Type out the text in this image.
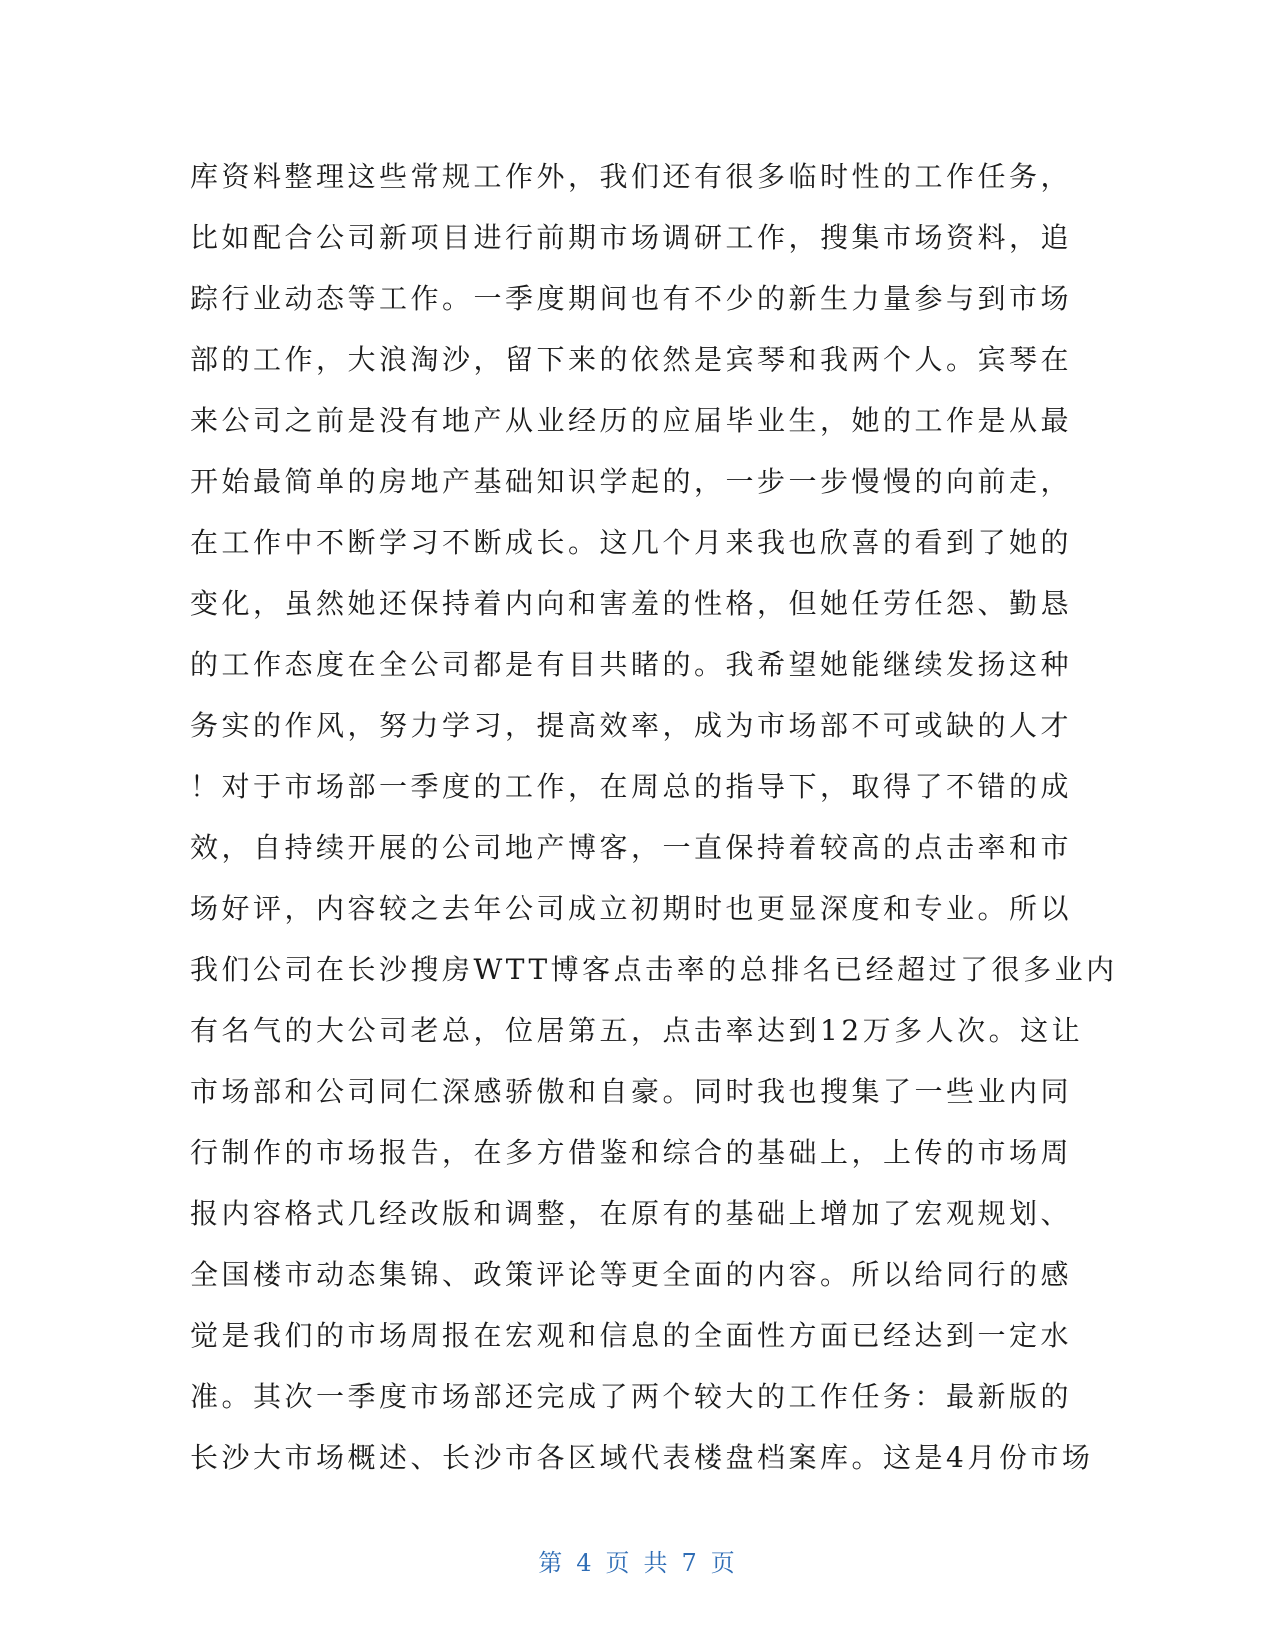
库资料整理这些常规工作外，我们还有很多临时性的工作任务，
比如配合公司新项目进行前期市场调研工作，搜集市场资料，追
踪行业动态等工作。一季度期间也有不少的新生力量参与到市场
部的工作，大浪淘沙，留下来的依然是宾琴和我两个人。宾琴在
来公司之前是没有地产从业经历的应届毕业生，她的工作是从最
开始最简单的房地产基础知识学起的，一步一步慢慢的向前走，
在工作中不断学习不断成长。这几个月来我也欣喜的看到了她的
变化，虽然她还保持着内向和害羞的性格，但她任劳任怨、勤恳
的工作态度在全公司都是有目共睹的。我希望她能继续发扬这种
务实的作风，努力学习，提高效率，成为市场部不可或缺的人才
！对于市场部一季度的工作，在周总的指导下，取得了不错的成
效，自持续开展的公司地产博客，一直保持着较高的点击率和市
场好评，内容较之去年公司成立初期时也更显深度和专业。所以
我们公司在长沙搜房WTT博客点击率的总排名已经超过了很多业内
有名气的大公司老总，位居第五，点击率达到12万多人次。这让
市场部和公司同仁深感骄傲和自豪。同时我也搜集了一些业内同
行制作的市场报告，在多方借鉴和综合的基础上，上传的市场周
报内容格式几经改版和调整，在原有的基础上增加了宏观规划、
全国楼市动态集锦、政策评论等更全面的内容。所以给同行的感
觉是我们的市场周报在宏观和信息的全面性方面已经达到一定水
准。其次一季度市场部还完成了两个较大的工作任务：最新版的
长沙大市场概述、长沙市各区域代表楼盘档案库。这是4月份市场
第 4 页 共 7 页
